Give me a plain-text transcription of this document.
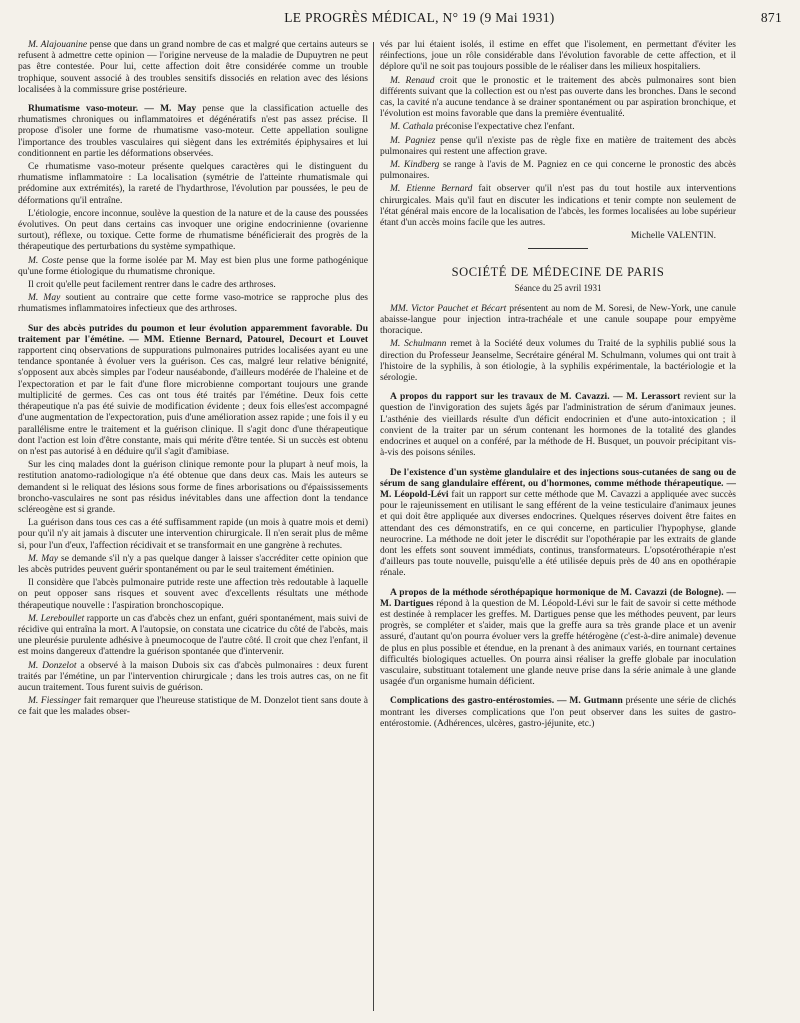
LE PROGRÈS MÉDICAL, N° 19 (9 Mai 1931)	871

M. Alajouanine pense que dans un grand nombre de cas et malgré que certains auteurs se refusent à admettre cette opinion — l'origine nerveuse de la maladie de Dupuytren ne peut pas être contestée. Pour lui, cette affection doit être considérée comme un trouble trophique, souvent associé à des troubles sensitifs dissociés en relation avec des lésions localisées à la commissure grise postérieure.

Rhumatisme vaso-moteur. — M. May pense que la classification actuelle des rhumatismes chroniques ou inflammatoires et dégénératifs n'est pas assez précise. Il propose d'isoler une forme de rhumatisme vaso-moteur. Cette appellation souligne l'importance des troubles vasculaires qui siègent dans les extrémités épiphysaires et lui conditionnent en partie les déformations observées.

Ce rhumatisme vaso-moteur présente quelques caractères qui le distinguent du rhumatisme inflammatoire : La localisation (symétrie de l'atteinte rhumatismale qui prédomine aux extrémités), la rareté de l'hydarthrose, l'évolution par poussées, le peu de déformations qu'il entraîne.

L'étiologie, encore inconnue, soulève la question de la nature et de la cause des poussées évolutives. On peut dans certains cas invoquer une origine endocrinienne (ovarienne surtout), réflexe, ou toxique. Cette forme de rhumatisme bénéficierait des progrès de la thérapeutique des perturbations du système sympathique.

M. Coste pense que la forme isolée par M. May est bien plus une forme pathogénique qu'une forme étiologique du rhumatisme chronique.

Il croit qu'elle peut facilement rentrer dans le cadre des arthroses.

M. May soutient au contraire que cette forme vaso-motrice se rapproche plus des rhumatismes inflammatoires infectieux que des arthroses.

Sur des abcès putrides du poumon et leur évolution apparemment favorable. Du traitement par l'émétine. — MM. Etienne Bernard, Patourel, Decourt et Louvet rapportent cinq observations de suppurations pulmonaires putrides localisées ayant eu une tendance spontanée à évoluer vers la guérison. Ces cas, malgré leur relative bénignité, s'opposent aux abcès simples par l'odeur nauséabonde, d'ailleurs modérée de l'haleine et de l'expectoration et par le fait d'une flore microbienne comportant toujours une grande multiplicité de germes. Ces cas ont tous été traités par l'émétine. Deux fois cette thérapeutique n'a pas été suivie de modification évidente ; deux fois elles'est accompagné d'une augmentation de l'expectoration, puis d'une amélioration assez rapide ; une fois il y eu parallélisme entre le traitement et la guérison clinique. Il s'agit donc d'une thérapeutique dont l'action est loin d'être constante, mais qui mérite d'être tentée. Si un succès est obtenu on n'est pas autorisé à en déduire qu'il s'agit d'amibiase.

Sur les cinq malades dont la guérison clinique remonte pour la plupart à neuf mois, la restitution anatomo-radiologique n'a été obtenue que dans deux cas. Mais les auteurs se demandent si le reliquat des lésions sous forme de fines arborisations ou d'épaississements broncho-vasculaires ne sont pas résidus inévitables dans une affection dont la tendance scléreogène est si grande.

La guérison dans tous ces cas a été suffisamment rapide (un mois à quatre mois et demi) pour qu'il n'y ait jamais à discuter une intervention chirurgicale. Il n'en serait plus de même si, pour l'un d'eux, l'affection récidivait et se transformait en une gangrène à rechutes.

M. May se demande s'il n'y a pas quelque danger à laisser s'accréditer cette opinion que les abcès putrides peuvent guérir spontanément ou par le seul traitement émétinien.

Il considère que l'abcès pulmonaire putride reste une affection très redoutable à laquelle on peut opposer sans risques et souvent avec d'excellents résultats une méthode thérapeutique nouvelle : l'aspiration bronchoscopique.

M. Lereboullet rapporte un cas d'abcès chez un enfant, guéri spontanément, mais suivi de récidive qui entraîna la mort. A l'autopsie, on constata une cicatrice du côté de l'abcès, mais une pleurésie purulente adhésive à pneumocoque de l'autre côté. Il croit que chez l'enfant, il est moins dangereux d'attendre la guérison spontanée que d'intervenir.

M. Donzelot a observé à la maison Dubois six cas d'abcès pulmonaires : deux furent traités par l'émétine, un par l'intervention chirurgicale ; dans les trois autres cas, on ne fit aucun traitement. Tous furent suivis de guérison.

M. Fiessinger fait remarquer que l'heureuse statistique de M. Donzelot tient sans doute à ce fait que les malades obser-

vés par lui étaient isolés, il estime en effet que l'isolement, en permettant d'éviter les réinfections, joue un rôle considérable dans l'évolution favorable de cette affection, et il déplore qu'il ne soit pas toujours possible de le réaliser dans les milieux hospitaliers.

M. Renaud croit que le pronostic et le traitement des abcès pulmonaires sont bien différents suivant que la collection est ou n'est pas ouverte dans les bronches. Dans le second cas, la cavité n'a aucune tendance à se drainer spontanément ou par aspiration bronchique, et l'évolution est moins favorable que dans la première éventualité.

M. Cathala préconise l'expectative chez l'enfant.

M. Pagniez pense qu'il n'existe pas de règle fixe en matière de traitement des abcès pulmonaires qui restent une affection grave.

M. Kindberg se range à l'avis de M. Pagniez en ce qui concerne le pronostic des abcès pulmonaires.

M. Etienne Bernard fait observer qu'il n'est pas du tout hostile aux interventions chirurgicales. Mais qu'il faut en discuter les indications et tenir compte non seulement de l'état général mais encore de la localisation de l'abcès, les formes localisées au lobe supérieur étant d'un accès moins facile que les autres.

Michelle VALENTIN.

SOCIÉTÉ DE MÉDECINE DE PARIS
Séance du 25 avril 1931

MM. Victor Pauchet et Bécart présentent au nom de M. Soresi, de New-York, une canule abaisse-langue pour injection intra-trachéale et une canule soupape pour empyème thoracique.

M. Schulmann remet à la Société deux volumes du Traité de la syphilis publié sous la direction du Professeur Jeanselme, Secrétaire général M. Schulmann, volumes qui ont trait à l'histoire de la syphilis, à son étiologie, à la syphilis expérimentale, la bactériologie et la sérologie.

A propos du rapport sur les travaux de M. Cavazzi. — M. Lerassort revient sur la question de l'invigoration des sujets âgés par l'administration de sérum d'animaux jeunes. L'asthénie des vieillards résulte d'un déficit endocrinien et d'une auto-intoxication ; il convient de la traiter par un sérum contenant les hormones de la totalité des glandes endocrines et auquel on a conféré, par la méthode de H. Busquet, un pouvoir précipitant vis-à-vis des poisons séniles.

De l'existence d'un système glandulaire et des injections sous-cutanées de sang ou de sérum de sang glandulaire efférent, ou d'hormones, comme méthode thérapeutique. — M. Léopold-Lévi fait un rapport sur cette méthode que M. Cavazzi a appliquée avec succès pour le rajeunissement en utilisant le sang efférent de la veine testiculaire d'animaux jeunes et qui doit être appliquée aux diverses endocrines. Quelques réserves doivent être faites en attendant des ces démonstratifs, en ce qui concerne, en particulier l'hypophyse, glande neurocrine. La méthode ne doit jeter le discrédit sur l'opothérapie par les extraits de glande dont les effets sont souvent immédiats, continus, transformateurs. L'opsotérothérapie n'est d'ailleurs pas toute nouvelle, puisqu'elle a été utilisée depuis près de 40 ans en opothérapie rénale.

A propos de la méthode sérothépapique hormonique de M. Cavazzi (de Bologne). — M. Dartigues répond à la question de M. Léopold-Lévi sur le fait de savoir si cette méthode est destinée à remplacer les greffes. M. Dartigues pense que les méthodes peuvent, par leurs progrès, se compléter et s'aider, mais que la greffe aura sa très grande place et un avenir assuré, d'autant qu'on pourra évoluer vers la greffe hétérogène (c'est-à-dire animale) devenue de plus en plus possible et étendue, en la prenant à des animaux variés, en tournant certaines difficultés biologiques actuelles. On pourra ainsi réaliser la greffe globale par inoculation vasculaire, substituant totalement une glande neuve prise dans la série animale à une glande usagée d'un organisme humain déficient.

Complications des gastro-entérostomies. — M. Gutmann présente une série de clichés montrant les diverses complications que l'on peut observer dans les suites de gastro-entérostomie. (Adhérences, ulcères, gastro-jéjunite, etc.)
